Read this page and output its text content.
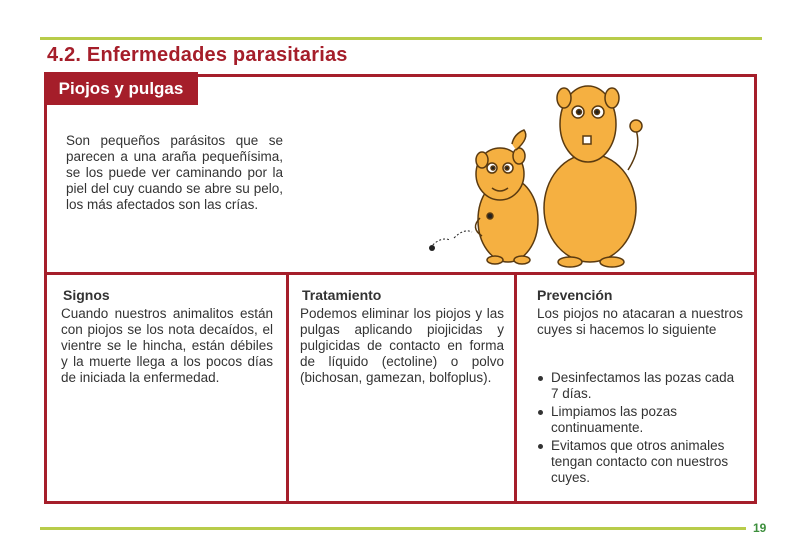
4.2. Enfermedades parasitarias
Piojos y pulgas
Son pequeños parásitos que se parecen a una araña pequeñísima, se los puede ver caminando por la piel del cuy cuando se abre su pelo, los más afectados son las crías.
Signos
Cuando nuestros animalitos están con piojos se los nota decaídos, el vientre se le hincha, están débiles y la muerte llega a los pocos días de iniciada la enfermedad.
Tratamiento
Podemos eliminar los piojos y las pulgas aplicando piojicidas y pulgicidas de contacto en forma de líquido (ectoline) o polvo (bichosan, gamezan, bolfoplus).
Prevención
Los piojos no atacaran a nuestros cuyes si hacemos lo siguiente
Desinfectamos las pozas cada 7 días.
Limpiamos las pozas continuamente.
Evitamos que otros animales tengan contacto con nuestros cuyes.
19
